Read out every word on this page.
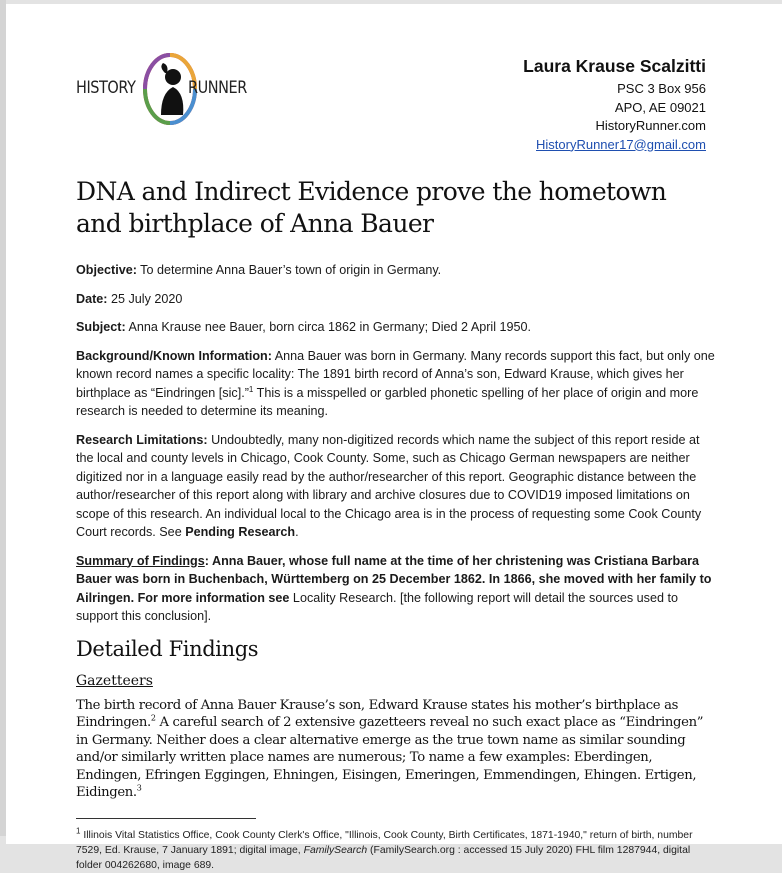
HISTORY	RUNNER
Laura Krause Scalzitti
PSC 3 Box 956
APO, AE 09021
HistoryRunner.com
HistoryRunner17@gmail.com
DNA and Indirect Evidence prove the hometown and birthplace of Anna Bauer

Objective: To determine Anna Bauer’s town of origin in Germany.

Date: 25 July 2020

Subject: Anna Krause nee Bauer, born circa 1862 in Germany; Died 2 April 1950.

Background/Known Information: Anna Bauer was born in Germany. Many records support this fact, but only one known record names a specific locality: The 1891 birth record of Anna’s son, Edward Krause, which gives her birthplace as “Eindringen [sic].”$^1$ This is a misspelled or garbled phonetic spelling of her place of origin and more research is needed to determine its meaning.

Research Limitations: Undoubtedly, many non-digitized records which name the subject of this report reside at the local and county levels in Chicago, Cook County. Some, such as Chicago German newspapers are neither digitized nor in a language easily read by the author/researcher of this report. Geographic distance between the author/researcher of this report along with library and archive closures due to COVID19 imposed limitations on scope of this research. An individual local to the Chicago area is in the process of requesting some Cook County Court records. See Pending Research.

Summary of Findings: Anna Bauer, whose full name at the time of her christening was Cristiana Barbara Bauer was born in Buchenbach, Württemberg on 25 December 1862. In 1866, she moved with her family to Ailringen. For more information see Locality Research. [the following report will detail the sources used to support this conclusion].

Detailed Findings

Gazetteers

The birth record of Anna Bauer Krause’s son, Edward Krause states his mother’s birthplace as Eindringen.$^2$ A careful search of 2 extensive gazetteers reveal no such exact place as “Eindringen” in Germany. Neither does a clear alternative emerge as the true town name as similar sounding and/or similarly written place names are numerous; To name a few examples: Eberdingen, Endingen, Efringen Eggingen, Ehningen, Eisingen, Emeringen, Emmendingen, Ehingen. Ertigen, Eidingen.$^3$

$^1$ Illinois Vital Statistics Office, Cook County Clerk's Office, "Illinois, Cook County, Birth Certificates, 1871-1940," return of birth, number 7529, Ed. Krause, 7 January 1891; digital image, FamilySearch (FamilySearch.org : accessed 15 July 2020) FHL film 1287944, digital folder 004262680, image 689.
